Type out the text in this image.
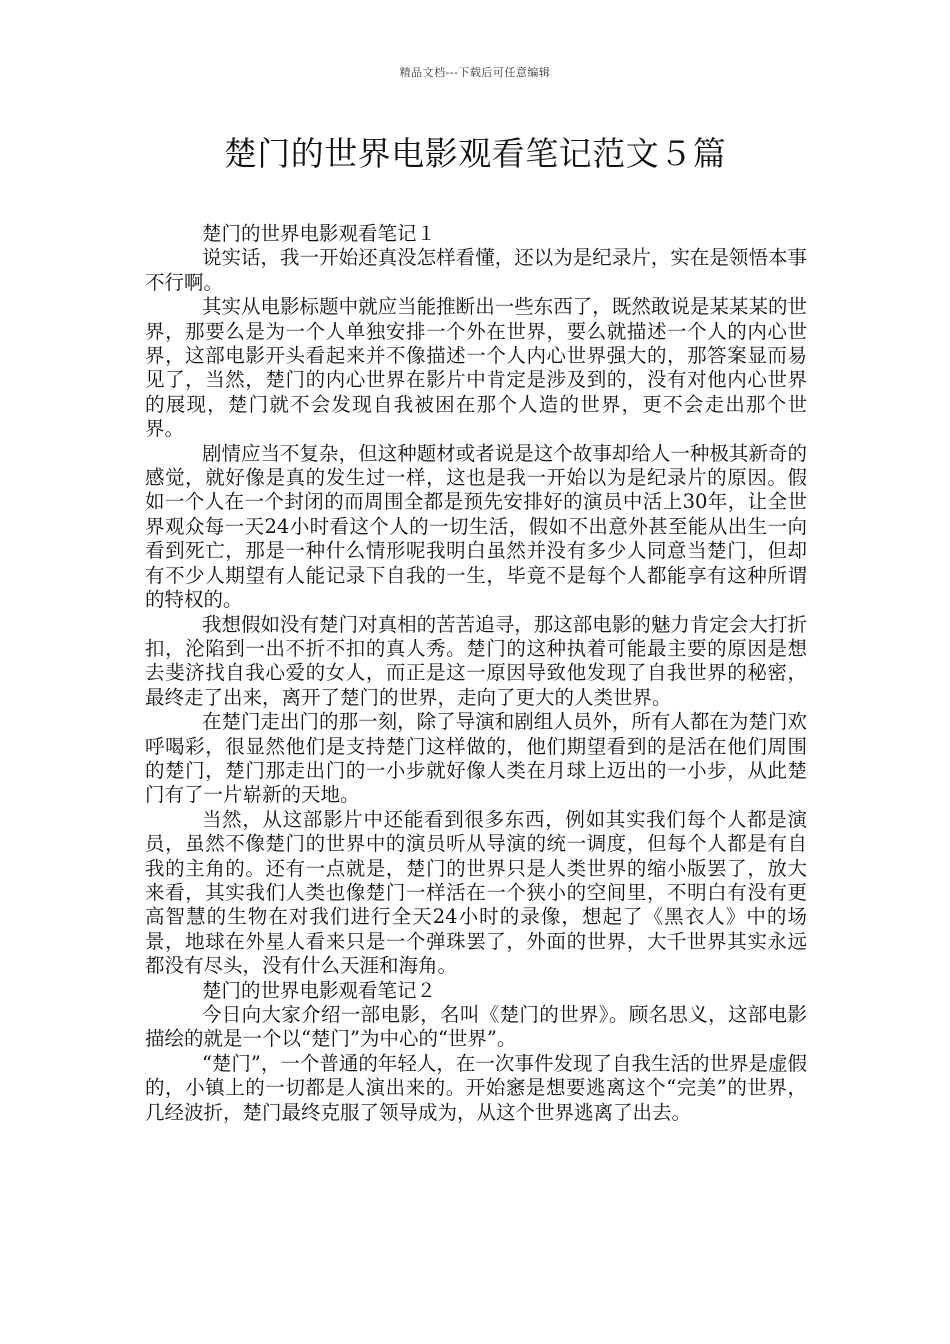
精品文档---下载后可任意编辑
楚门的世界电影观看笔记范文５篇

楚门的世界电影观看笔记１

说实话，我一开始还真没怎样看懂，还以为是纪录片，实在是领悟本事不行啊。

其实从电影标题中就应当能推断出一些东西了，既然敢说是某某某的世界，那要么是为一个人单独安排一个外在世界，要么就描述一个人的内心世界，这部电影开头看起来并不像描述一个人内心世界强大的，那答案显而易见了，当然，楚门的内心世界在影片中肯定是涉及到的，没有对他内心世界的展现，楚门就不会发现自我被困在那个人造的世界，更不会走出那个世界。

剧情应当不复杂，但这种题材或者说是这个故事却给人一种极其新奇的感觉，就好像是真的发生过一样，这也是我一开始以为是纪录片的原因。假如一个人在一个封闭的而周围全都是预先安排好的演员中活上30年，让全世界观众每一天24小时看这个人的一切生活，假如不出意外甚至能从出生一向看到死亡，那是一种什么情形呢我明白虽然并没有多少人同意当楚门，但却有不少人期望有人能记录下自我的一生，毕竟不是每个人都能享有这种所谓的特权的。

我想假如没有楚门对真相的苦苦追寻，那这部电影的魅力肯定会大打折扣，沦陷到一出不折不扣的真人秀。楚门的这种执着可能最主要的原因是想去斐济找自我心爱的女人，而正是这一原因导致他发现了自我世界的秘密，最终走了出来，离开了楚门的世界，走向了更大的人类世界。

在楚门走出门的那一刻，除了导演和剧组人员外，所有人都在为楚门欢呼喝彩，很显然他们是支持楚门这样做的，他们期望看到的是活在他们周围的楚门，楚门那走出门的一小步就好像人类在月球上迈出的一小步，从此楚门有了一片崭新的天地。

当然，从这部影片中还能看到很多东西，例如其实我们每个人都是演员，虽然不像楚门的世界中的演员听从导演的统一调度，但每个人都是有自我的主角的。还有一点就是，楚门的世界只是人类世界的缩小版罢了，放大来看，其实我们人类也像楚门一样活在一个狭小的空间里，不明白有没有更高智慧的生物在对我们进行全天24小时的录像，想起了《黑衣人》中的场景，地球在外星人看来只是一个弹珠罢了，外面的世界，大千世界其实永远都没有尽头，没有什么天涯和海角。

楚门的世界电影观看笔记２

今日向大家介绍一部电影，名叫《楚门的世界》。顾名思义，这部电影描绘的就是一个以“楚门”为中心的“世界”。

“楚门”，一个普通的年轻人，在一次事件发现了自我生活的世界是虚假的，小镇上的一切都是人演出来的。开始窸是想要逃离这个“完美”的世界，几经波折，楚门最终克服了领导成为，从这个世界逃离了出去。
